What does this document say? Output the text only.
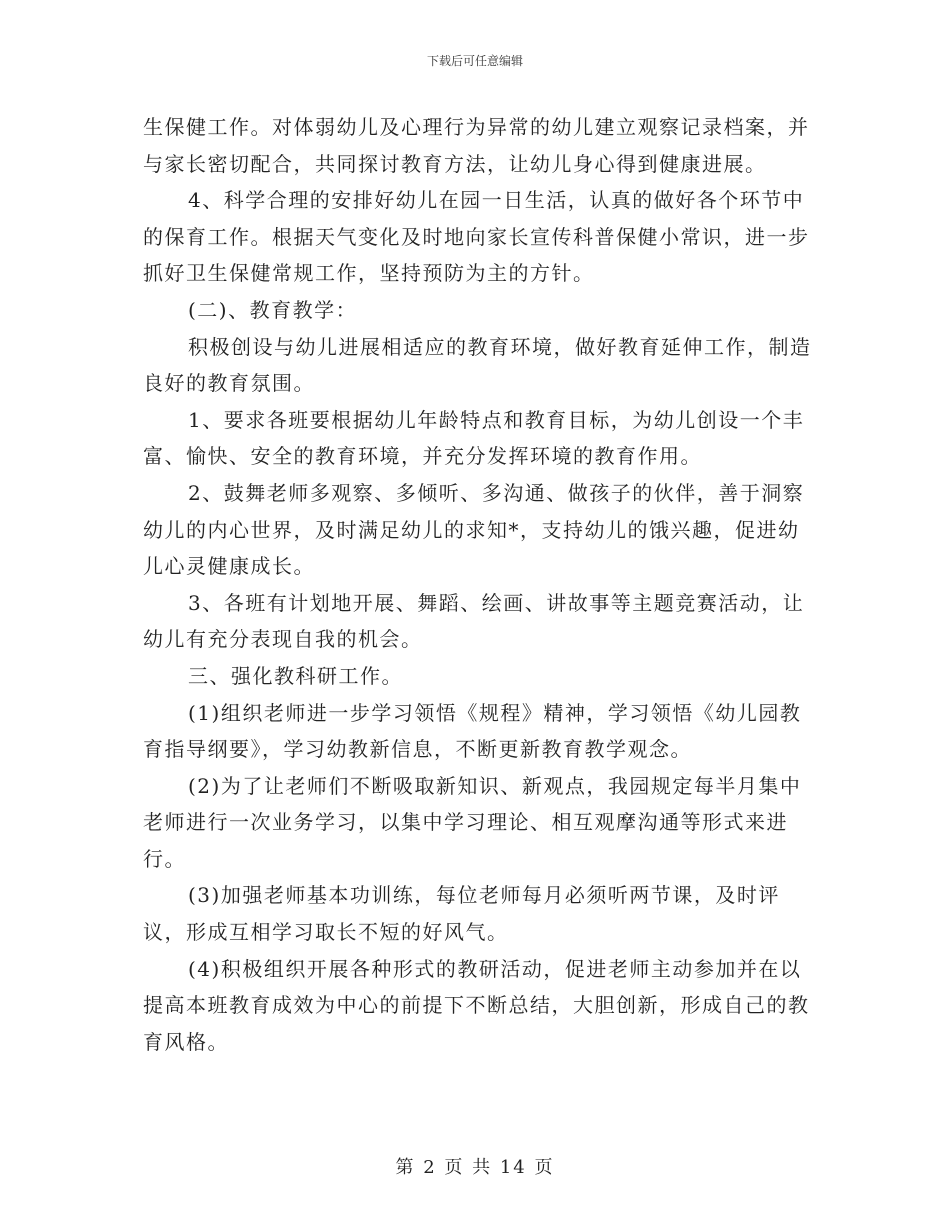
下载后可任意编辑

生保健工作。对体弱幼儿及心理行为异常的幼儿建立观察记录档案，并与家长密切配合，共同探讨教育方法，让幼儿身心得到健康进展。

4、科学合理的安排好幼儿在园一日生活，认真的做好各个环节中的保育工作。根据天气变化及时地向家长宣传科普保健小常识，进一步抓好卫生保健常规工作，坚持预防为主的方针。

(二)、教育教学：

积极创设与幼儿进展相适应的教育环境，做好教育延伸工作，制造良好的教育氛围。

1、要求各班要根据幼儿年龄特点和教育目标，为幼儿创设一个丰富、愉快、安全的教育环境，并充分发挥环境的教育作用。

2、鼓舞老师多观察、多倾听、多沟通、做孩子的伙伴，善于洞察幼儿的内心世界，及时满足幼儿的求知*，支持幼儿的饿兴趣，促进幼儿心灵健康成长。

3、各班有计划地开展、舞蹈、绘画、讲故事等主题竞赛活动，让幼儿有充分表现自我的机会。

三、强化教科研工作。

(1)组织老师进一步学习领悟《规程》精神，学习领悟《幼儿园教育指导纲要》，学习幼教新信息，不断更新教育教学观念。

(2)为了让老师们不断吸取新知识、新观点，我园规定每半月集中老师进行一次业务学习，以集中学习理论、相互观摩沟通等形式来进行。

(3)加强老师基本功训练，每位老师每月必须听两节课，及时评议，形成互相学习取长不短的好风气。

(4)积极组织开展各种形式的教研活动，促进老师主动参加并在以提高本班教育成效为中心的前提下不断总结，大胆创新，形成自己的教育风格。

第 2 页 共 14 页
